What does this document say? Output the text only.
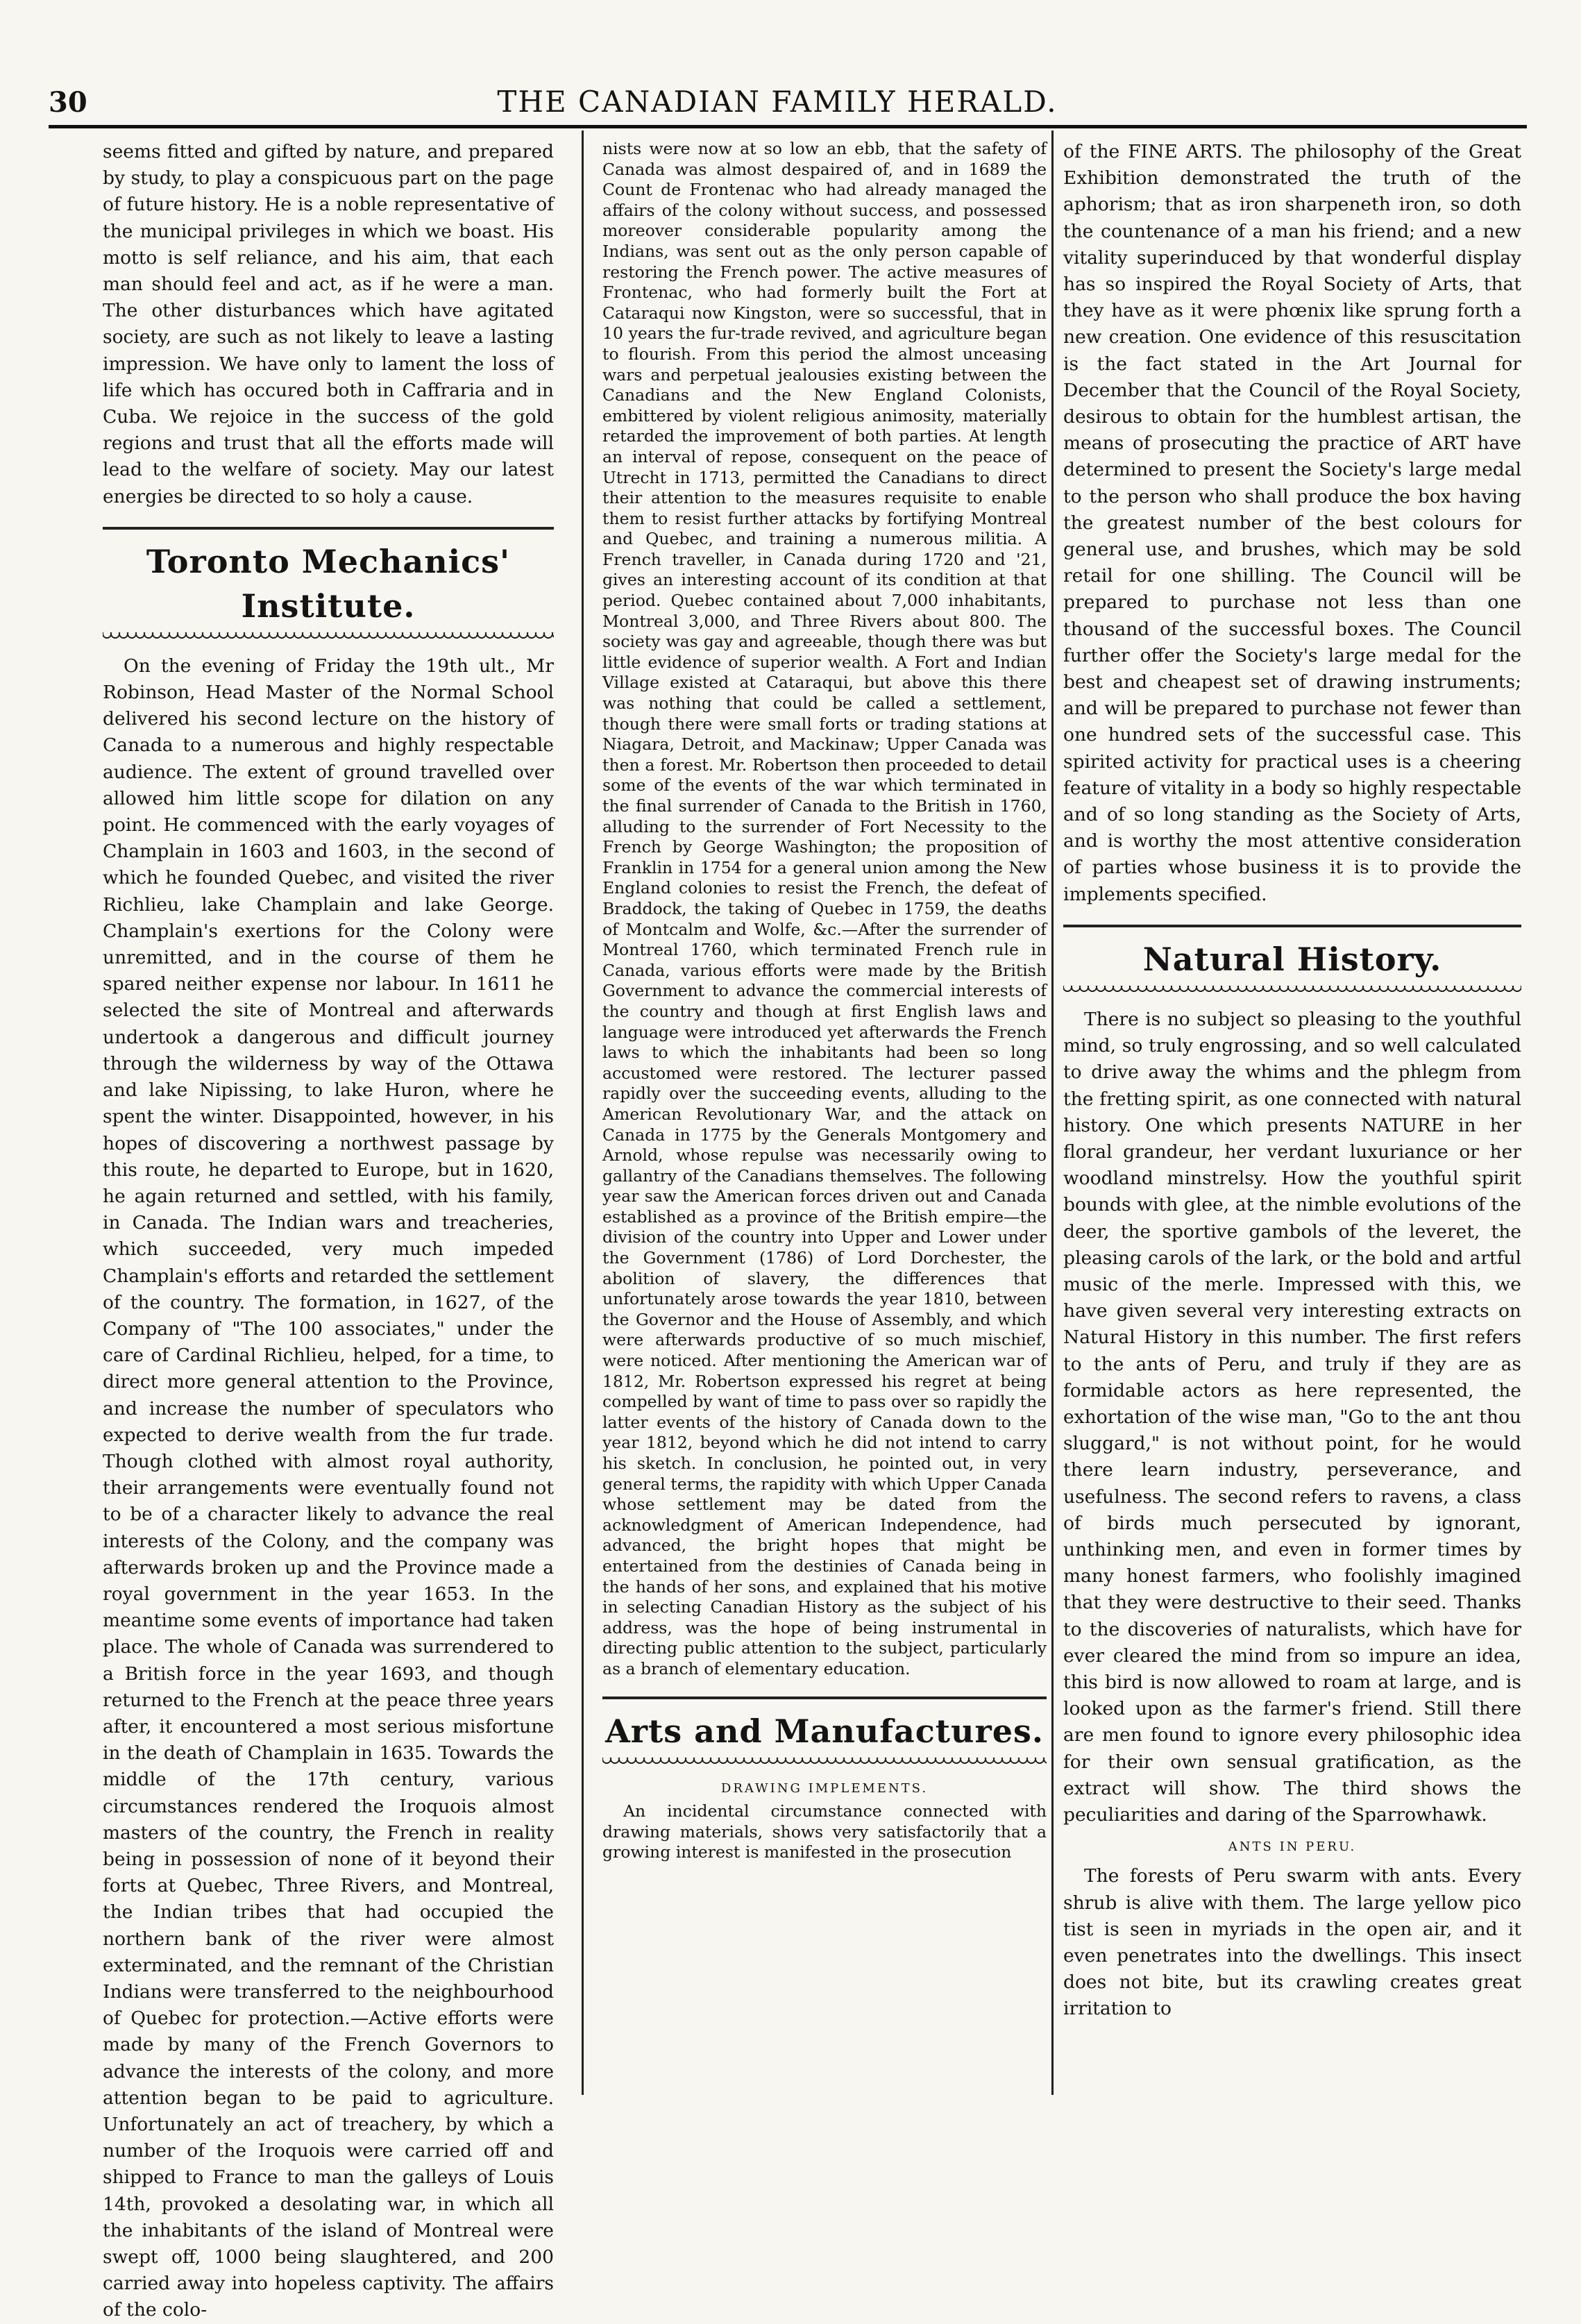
30	THE CANADIAN FAMILY HERALD.

seems fitted and gifted by nature, and prepared by study, to play a conspicuous part on the page of future history. He is a noble representative of the municipal privileges in which we boast. His motto is self reliance, and his aim, that each man should feel and act, as if he were a man. The other disturbances which have agitated society, are such as not likely to leave a lasting impression. We have only to lament the loss of life which has occured both in Caffraria and in Cuba. We rejoice in the success of the gold regions and trust that all the efforts made will lead to the welfare of society. May our latest energies be directed to so holy a cause.

Toronto Mechanics' Institute.

On the evening of Friday the 19th ult., Mr Robinson, Head Master of the Normal School delivered his second lecture on the history of Canada to a numerous and highly respectable audience. The extent of ground travelled over allowed him little scope for dilation on any point. He commenced with the early voyages of Champlain in 1603 and 1603, in the second of which he founded Quebec, and visited the river Richlieu, lake Champlain and lake George. Champlain's exertions for the Colony were unremitted, and in the course of them he spared neither expense nor labour. In 1611 he selected the site of Montreal and afterwards undertook a dangerous and difficult journey through the wilderness by way of the Ottawa and lake Nipissing, to lake Huron, where he spent the winter. Disappointed, however, in his hopes of discovering a northwest passage by this route, he departed to Europe, but in 1620, he again returned and settled, with his family, in Canada. The Indian wars and treacheries, which succeeded, very much impeded Champlain's efforts and retarded the settlement of the country. The formation, in 1627, of the Company of "The 100 associates," under the care of Cardinal Richlieu, helped, for a time, to direct more general attention to the Province, and increase the number of speculators who expected to derive wealth from the fur trade. Though clothed with almost royal authority, their arrangements were eventually found not to be of a character likely to advance the real interests of the Colony, and the company was afterwards broken up and the Province made a royal government in the year 1653. In the meantime some events of importance had taken place. The whole of Canada was surrendered to a British force in the year 1693, and though returned to the French at the peace three years after, it encountered a most serious misfortune in the death of Champlain in 1635. Towards the middle of the 17th century, various circumstances rendered the Iroquois almost masters of the country, the French in reality being in possession of none of it beyond their forts at Quebec, Three Rivers, and Montreal, the Indian tribes that had occupied the northern bank of the river were almost exterminated, and the remnant of the Christian Indians were transferred to the neighbourhood of Quebec for protection.—Active efforts were made by many of the French Governors to advance the interests of the colony, and more attention began to be paid to agriculture. Unfortunately an act of treachery, by which a number of the Iroquois were carried off and shipped to France to man the galleys of Louis 14th, provoked a desolating war, in which all the inhabitants of the island of Montreal were swept off, 1000 being slaughtered, and 200 carried away into hopeless captivity. The affairs of the colo-

nists were now at so low an ebb, that the safety of Canada was almost despaired of, and in 1689 the Count de Frontenac who had already managed the affairs of the colony without success, and possessed moreover considerable popularity among the Indians, was sent out as the only person capable of restoring the French power. The active measures of Frontenac, who had formerly built the Fort at Cataraqui now Kingston, were so successful, that in 10 years the fur-trade revived, and agriculture began to flourish. From this period the almost unceasing wars and perpetual jealousies existing between the Canadians and the New England Colonists, embittered by violent religious animosity, materially retarded the improvement of both parties. At length an interval of repose, consequent on the peace of Utrecht in 1713, permitted the Canadians to direct their attention to the measures requisite to enable them to resist further attacks by fortifying Montreal and Quebec, and training a numerous militia. A French traveller, in Canada during 1720 and '21, gives an interesting account of its condition at that period. Quebec contained about 7,000 inhabitants, Montreal 3,000, and Three Rivers about 800. The society was gay and agreeable, though there was but little evidence of superior wealth. A Fort and Indian Village existed at Cataraqui, but above this there was nothing that could be called a settlement, though there were small forts or trading stations at Niagara, Detroit, and Mackinaw; Upper Canada was then a forest. Mr. Robertson then proceeded to detail some of the events of the war which terminated in the final surrender of Canada to the British in 1760, alluding to the surrender of Fort Necessity to the French by George Washington; the proposition of Franklin in 1754 for a general union among the New England colonies to resist the French, the defeat of Braddock, the taking of Quebec in 1759, the deaths of Montcalm and Wolfe, &c.—After the surrender of Montreal 1760, which terminated French rule in Canada, various efforts were made by the British Government to advance the commercial interests of the country and though at first English laws and language were introduced yet afterwards the French laws to which the inhabitants had been so long accustomed were restored. The lecturer passed rapidly over the succeeding events, alluding to the American Revolutionary War, and the attack on Canada in 1775 by the Generals Montgomery and Arnold, whose repulse was necessarily owing to gallantry of the Canadians themselves. The following year saw the American forces driven out and Canada established as a province of the British empire—the division of the country into Upper and Lower under the Government (1786) of Lord Dorchester, the abolition of slavery, the differences that unfortunately arose towards the year 1810, between the Governor and the House of Assembly, and which were afterwards productive of so much mischief, were noticed. After mentioning the American war of 1812, Mr. Robertson expressed his regret at being compelled by want of time to pass over so rapidly the latter events of the history of Canada down to the year 1812, beyond which he did not intend to carry his sketch. In conclusion, he pointed out, in very general terms, the rapidity with which Upper Canada whose settlement may be dated from the acknowledgment of American Independence, had advanced, the bright hopes that might be entertained from the destinies of Canada being in the hands of her sons, and explained that his motive in selecting Canadian History as the subject of his address, was the hope of being instrumental in directing public attention to the subject, particularly as a branch of elementary education.

Arts and Manufactures.
DRAWING IMPLEMENTS.

An incidental circumstance connected with drawing materials, shows very satisfactorily that a growing interest is manifested in the prosecution

of the FINE ARTS. The philosophy of the Great Exhibition demonstrated the truth of the aphorism; that as iron sharpeneth iron, so doth the countenance of a man his friend; and a new vitality superinduced by that wonderful display has so inspired the Royal Society of Arts, that they have as it were phœnix like sprung forth a new creation. One evidence of this resuscitation is the fact stated in the Art Journal for December that the Council of the Royal Society, desirous to obtain for the humblest artisan, the means of prosecuting the practice of ART have determined to present the Society's large medal to the person who shall produce the box having the greatest number of the best colours for general use, and brushes, which may be sold retail for one shilling. The Council will be prepared to purchase not less than one thousand of the successful boxes. The Council further offer the Society's large medal for the best and cheapest set of drawing instruments; and will be prepared to purchase not fewer than one hundred sets of the successful case. This spirited activity for practical uses is a cheering feature of vitality in a body so highly respectable and of so long standing as the Society of Arts, and is worthy the most attentive consideration of parties whose business it is to provide the implements specified.

Natural History.

There is no subject so pleasing to the youthful mind, so truly engrossing, and so well calculated to drive away the whims and the phlegm from the fretting spirit, as one connected with natural history. One which presents NATURE in her floral grandeur, her verdant luxuriance or her woodland minstrelsy. How the youthful spirit bounds with glee, at the nimble evolutions of the deer, the sportive gambols of the leveret, the pleasing carols of the lark, or the bold and artful music of the merle. Impressed with this, we have given several very interesting extracts on Natural History in this number. The first refers to the ants of Peru, and truly if they are as formidable actors as here represented, the exhortation of the wise man, "Go to the ant thou sluggard," is not without point, for he would there learn industry, perseverance, and usefulness. The second refers to ravens, a class of birds much persecuted by ignorant, unthinking men, and even in former times by many honest farmers, who foolishly imagined that they were destructive to their seed. Thanks to the discoveries of naturalists, which have for ever cleared the mind from so impure an idea, this bird is now allowed to roam at large, and is looked upon as the farmer's friend. Still there are men found to ignore every philosophic idea for their own sensual gratification, as the extract will show. The third shows the peculiarities and daring of the Sparrowhawk.

ANTS IN PERU.

The forests of Peru swarm with ants. Every shrub is alive with them. The large yellow pico tist is seen in myriads in the open air, and it even penetrates into the dwellings. This insect does not bite, but its crawling creates great irritation to
